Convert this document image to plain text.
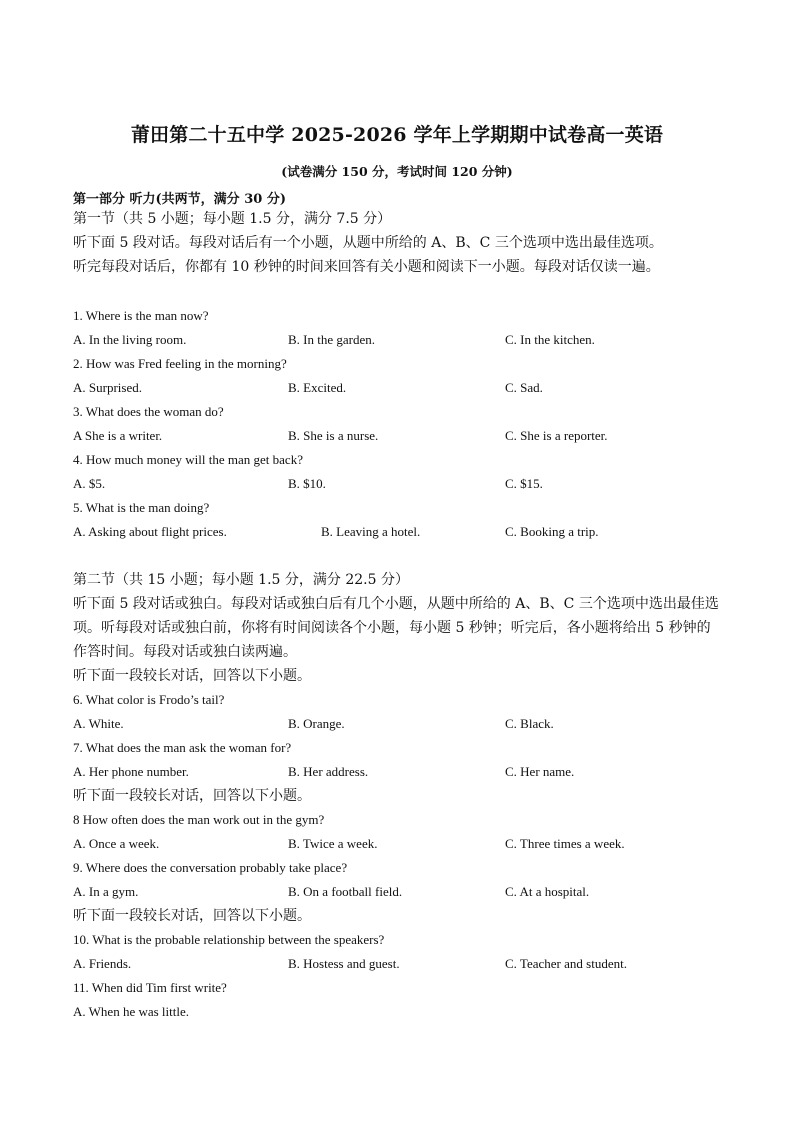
莆田第二十五中学 2025-2026 学年上学期期中试卷高一英语
(试卷满分 150 分，考试时间 120 分钟)
第一部分 听力(共两节，满分 30 分)
第一节（共 5 小题；每小题 1.5 分，满分 7.5 分）
听下面 5 段对话。每段对话后有一个小题，从题中所给的 A、B、C 三个选项中选出最佳选项。
听完每段对话后，你都有 10 秒钟的时间来回答有关小题和阅读下一小题。每段对话仅读一遍。
1. Where is the man now?
A. In the living room.	B. In the garden.	C. In the kitchen.
2. How was Fred feeling in the morning?
A. Surprised.	B. Excited.	C. Sad.
3. What does the woman do?
A She is a writer.	B. She is a nurse.	C. She is a reporter.
4. How much money will the man get back?
A. $5.	B. $10.	C. $15.
5. What is the man doing?
A. Asking about flight prices.	B. Leaving a hotel.	C. Booking a trip.
第二节（共 15 小题；每小题 1.5 分，满分 22.5 分）
听下面 5 段对话或独白。每段对话或独白后有几个小题，从题中所给的 A、B、C 三个选项中选出最佳选项。听每段对话或独白前，你将有时间阅读各个小题，每小题 5 秒钟；听完后，各小题将给出 5 秒钟的作答时间。每段对话或独白读两遍。
听下面一段较长对话，回答以下小题。
6. What color is Frodo’s tail?
A. White.	B. Orange.	C. Black.
7. What does the man ask the woman for?
A. Her phone number.	B. Her address.	C. Her name.
听下面一段较长对话，回答以下小题。
8 How often does the man work out in the gym?
A. Once a week.	B. Twice a week.	C. Three times a week.
9. Where does the conversation probably take place?
A. In a gym.	B. On a football field.	C. At a hospital.
听下面一段较长对话，回答以下小题。
10. What is the probable relationship between the speakers?
A. Friends.	B. Hostess and guest.	C. Teacher and student.
11. When did Tim first write?
A. When he was little.
